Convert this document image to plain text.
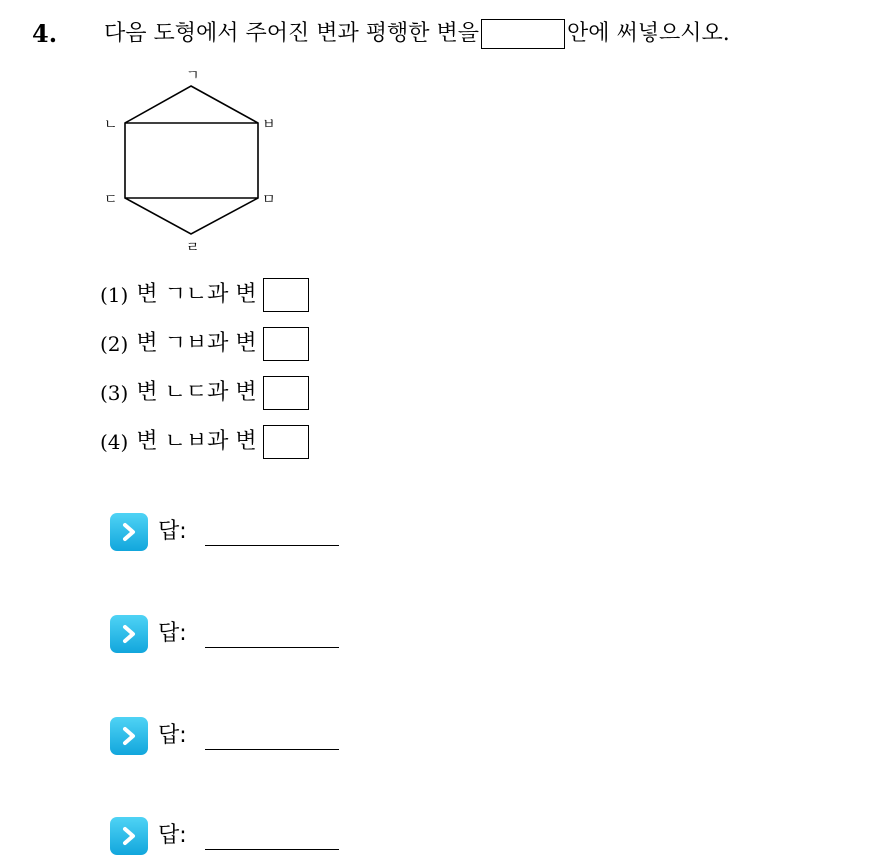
4. 다음 도형에서 주어진 변과 평행한 변을	안에 써넣으시오.
ㄱ
ㄴ
ㄷ
ㄹ
ㅁ
ㅂ
(1) 변 ㄱㄴ과 변
(2) 변 ㄱㅂ과 변
(3) 변 ㄴㄷ과 변
(4) 변 ㄴㅂ과 변
답:
답:
답:
답:
